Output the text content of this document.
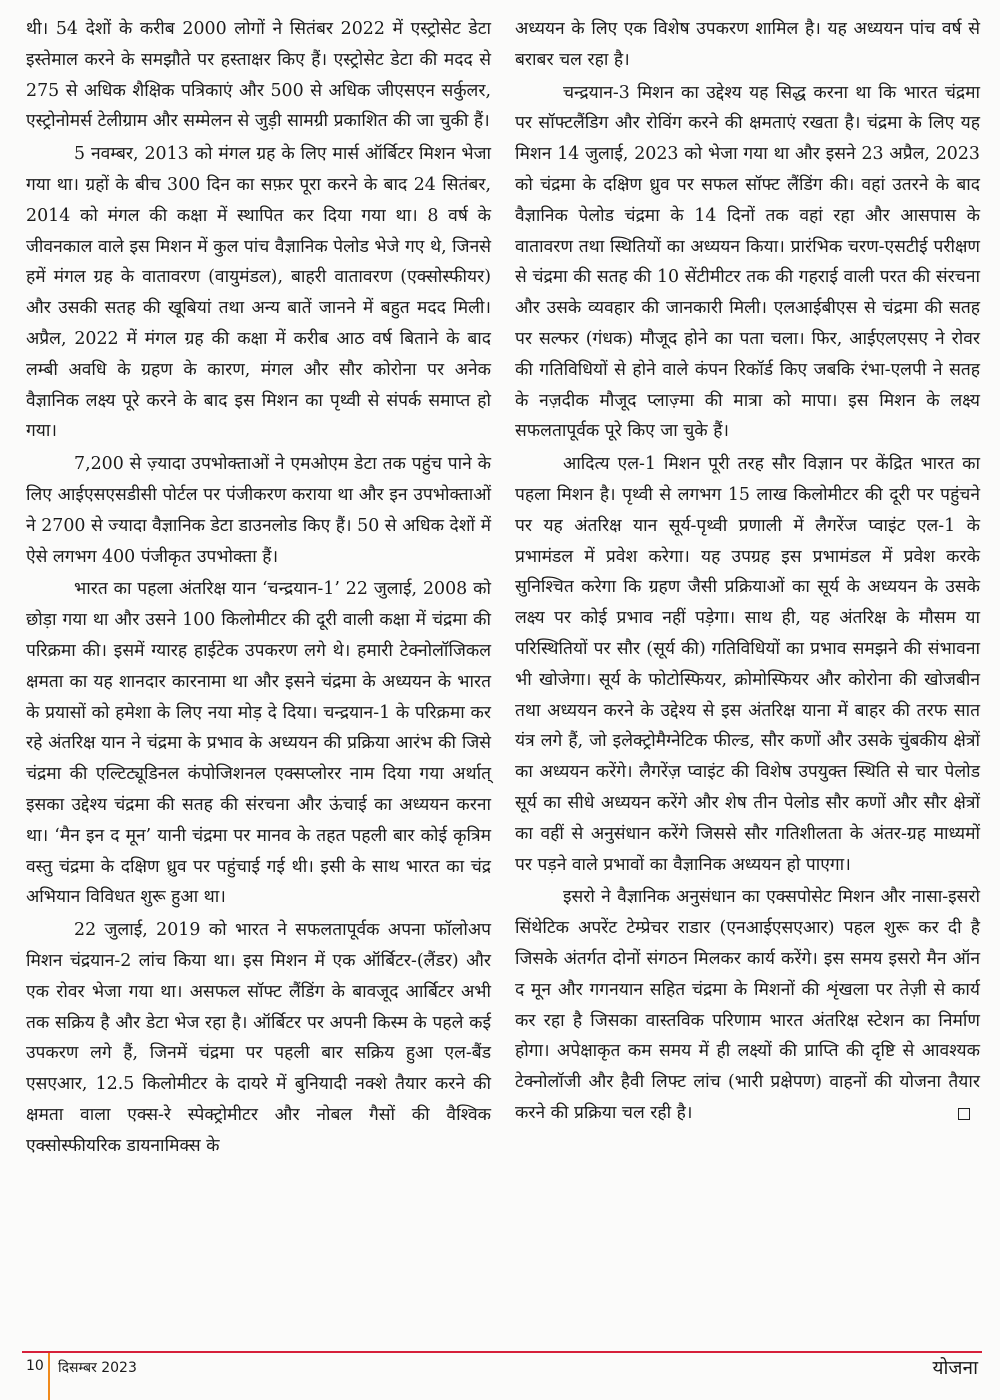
थी। 54 देशों के करीब 2000 लोगों ने सितंबर 2022 में एस्ट्रोसेट डेटा इस्तेमाल करने के समझौते पर हस्ताक्षर किए हैं। एस्ट्रोसेट डेटा की मदद से 275 से अधिक शैक्षिक पत्रिकाएं और 500 से अधिक जीएसएन सर्कुलर, एस्ट्रोनोमर्स टेलीग्राम और सम्मेलन से जुड़ी सामग्री प्रकाशित की जा चुकी हैं।

5 नवम्बर, 2013 को मंगल ग्रह के लिए मार्स ऑर्बिटर मिशन भेजा गया था। ग्रहों के बीच 300 दिन का सफ़र पूरा करने के बाद 24 सितंबर, 2014 को मंगल की कक्षा में स्थापित कर दिया गया था। 8 वर्ष के जीवनकाल वाले इस मिशन में कुल पांच वैज्ञानिक पेलोड भेजे गए थे, जिनसे हमें मंगल ग्रह के वातावरण (वायुमंडल), बाहरी वातावरण (एक्सोस्फीयर) और उसकी सतह की खूबियां तथा अन्य बातें जानने में बहुत मदद मिली। अप्रैल, 2022 में मंगल ग्रह की कक्षा में करीब आठ वर्ष बिताने के बाद लम्बी अवधि के ग्रहण के कारण, मंगल और सौर कोरोना पर अनेक वैज्ञानिक लक्ष्य पूरे करने के बाद इस मिशन का पृथ्वी से संपर्क समाप्त हो गया।

7,200 से ज़्यादा उपभोक्ताओं ने एमओएम डेटा तक पहुंच पाने के लिए आईएसएसडीसी पोर्टल पर पंजीकरण कराया था और इन उपभोक्ताओं ने 2700 से ज्यादा वैज्ञानिक डेटा डाउनलोड किए हैं। 50 से अधिक देशों में ऐसे लगभग 400 पंजीकृत उपभोक्ता हैं।

भारत का पहला अंतरिक्ष यान ‘चन्द्रयान-1’ 22 जुलाई, 2008 को छोड़ा गया था और उसने 100 किलोमीटर की दूरी वाली कक्षा में चंद्रमा की परिक्रमा की। इसमें ग्यारह हाईटेक उपकरण लगे थे। हमारी टेक्नोलॉजिकल क्षमता का यह शानदार कारनामा था और इसने चंद्रमा के अध्ययन के भारत के प्रयासों को हमेशा के लिए नया मोड़ दे दिया। चन्द्रयान-1 के परिक्रमा कर रहे अंतरिक्ष यान ने चंद्रमा के प्रभाव के अध्ययन की प्रक्रिया आरंभ की जिसे चंद्रमा की एल्टिट्यूडिनल कंपोजिशनल एक्सप्लोरर नाम दिया गया अर्थात् इसका उद्देश्य चंद्रमा की सतह की संरचना और ऊंचाई का अध्ययन करना था। ‘मैन इन द मून’ यानी चंद्रमा पर मानव के तहत पहली बार कोई कृत्रिम वस्तु चंद्रमा के दक्षिण ध्रुव पर पहुंचाई गई थी। इसी के साथ भारत का चंद्र अभियान विविधत शुरू हुआ था।

22 जुलाई, 2019 को भारत ने सफलतापूर्वक अपना फॉलोअप मिशन चंद्रयान-2 लांच किया था। इस मिशन में एक ऑर्बिटर-(लैंडर) और एक रोवर भेजा गया था। असफल सॉफ्ट लैंडिंग के बावजूद आर्बिटर अभी तक सक्रिय है और डेटा भेज रहा है। ऑर्बिटर पर अपनी किस्म के पहले कई उपकरण लगे हैं, जिनमें चंद्रमा पर पहली बार सक्रिय हुआ एल-बैंड एसएआर, 12.5 किलोमीटर के दायरे में बुनियादी नक्शे तैयार करने की क्षमता वाला एक्स-रे स्पेक्ट्रोमीटर और नोबल गैसों की वैश्विक एक्सोस्फीयरिक डायनामिक्स के

अध्ययन के लिए एक विशेष उपकरण शामिल है। यह अध्ययन पांच वर्ष से बराबर चल रहा है।

चन्द्रयान-3 मिशन का उद्देश्य यह सिद्ध करना था कि भारत चंद्रमा पर सॉफ्टलैंडिग और रोविंग करने की क्षमताएं रखता है। चंद्रमा के लिए यह मिशन 14 जुलाई, 2023 को भेजा गया था और इसने 23 अप्रैल, 2023 को चंद्रमा के दक्षिण ध्रुव पर सफल सॉफ्ट लैंडिंग की। वहां उतरने के बाद वैज्ञानिक पेलोड चंद्रमा के 14 दिनों तक वहां रहा और आसपास के वातावरण तथा स्थितियों का अध्ययन किया। प्रारंभिक चरण-एसटीई परीक्षण से चंद्रमा की सतह की 10 सेंटीमीटर तक की गहराई वाली परत की संरचना और उसके व्यवहार की जानकारी मिली। एलआईबीएस से चंद्रमा की सतह पर सल्फर (गंधक) मौजूद होने का पता चला। फिर, आईएलएसए ने रोवर की गतिविधियों से होने वाले कंपन रिकॉर्ड किए जबकि रंभा-एलपी ने सतह के नज़दीक मौजूद प्लाज़्मा की मात्रा को मापा। इस मिशन के लक्ष्य सफलतापूर्वक पूरे किए जा चुके हैं।

आदित्य एल-1 मिशन पूरी तरह सौर विज्ञान पर केंद्रित भारत का पहला मिशन है। पृथ्वी से लगभग 15 लाख किलोमीटर की दूरी पर पहुंचने पर यह अंतरिक्ष यान सूर्य-पृथ्वी प्रणाली में लैगरेंज प्वाइंट एल-1 के प्रभामंडल में प्रवेश करेगा। यह उपग्रह इस प्रभामंडल में प्रवेश करके सुनिश्चित करेगा कि ग्रहण जैसी प्रक्रियाओं का सूर्य के अध्ययन के उसके लक्ष्य पर कोई प्रभाव नहीं पड़ेगा। साथ ही, यह अंतरिक्ष के मौसम या परिस्थितियों पर सौर (सूर्य की) गतिविधियों का प्रभाव समझने की संभावना भी खोजेगा। सूर्य के फोटोस्फियर, क्रोमोस्फियर और कोरोना की खोजबीन तथा अध्ययन करने के उद्देश्य से इस अंतरिक्ष याना में बाहर की तरफ सात यंत्र लगे हैं, जो इलेक्ट्रोमैग्नेटिक फील्ड, सौर कणों और उसके चुंबकीय क्षेत्रों का अध्ययन करेंगे। लैगरेंज़ प्वाइंट की विशेष उपयुक्त स्थिति से चार पेलोड सूर्य का सीधे अध्ययन करेंगे और शेष तीन पेलोड सौर कणों और सौर क्षेत्रों का वहीं से अनुसंधान करेंगे जिससे सौर गतिशीलता के अंतर-ग्रह माध्यमों पर पड़ने वाले प्रभावों का वैज्ञानिक अध्ययन हो पाएगा।

इसरो ने वैज्ञानिक अनुसंधान का एक्सपोसेट मिशन और नासा-इसरो सिंथेटिक अपरेंट टेम्प्रेचर राडार (एनआईएसएआर) पहल शुरू कर दी है जिसके अंतर्गत दोनों संगठन मिलकर कार्य करेंगे। इस समय इसरो मैन ऑन द मून और गगनयान सहित चंद्रमा के मिशनों की शृंखला पर तेज़ी से कार्य कर रहा है जिसका वास्तविक परिणाम भारत अंतरिक्ष स्टेशन का निर्माण होगा। अपेक्षाकृत कम समय में ही लक्ष्यों की प्राप्ति की दृष्टि से आवश्यक टेक्नोलॉजी और हैवी लिफ्ट लांच (भारी प्रक्षेपण) वाहनों की योजना तैयार करने की प्रक्रिया चल रही है।

10 दिसम्बर 2023	योजना
